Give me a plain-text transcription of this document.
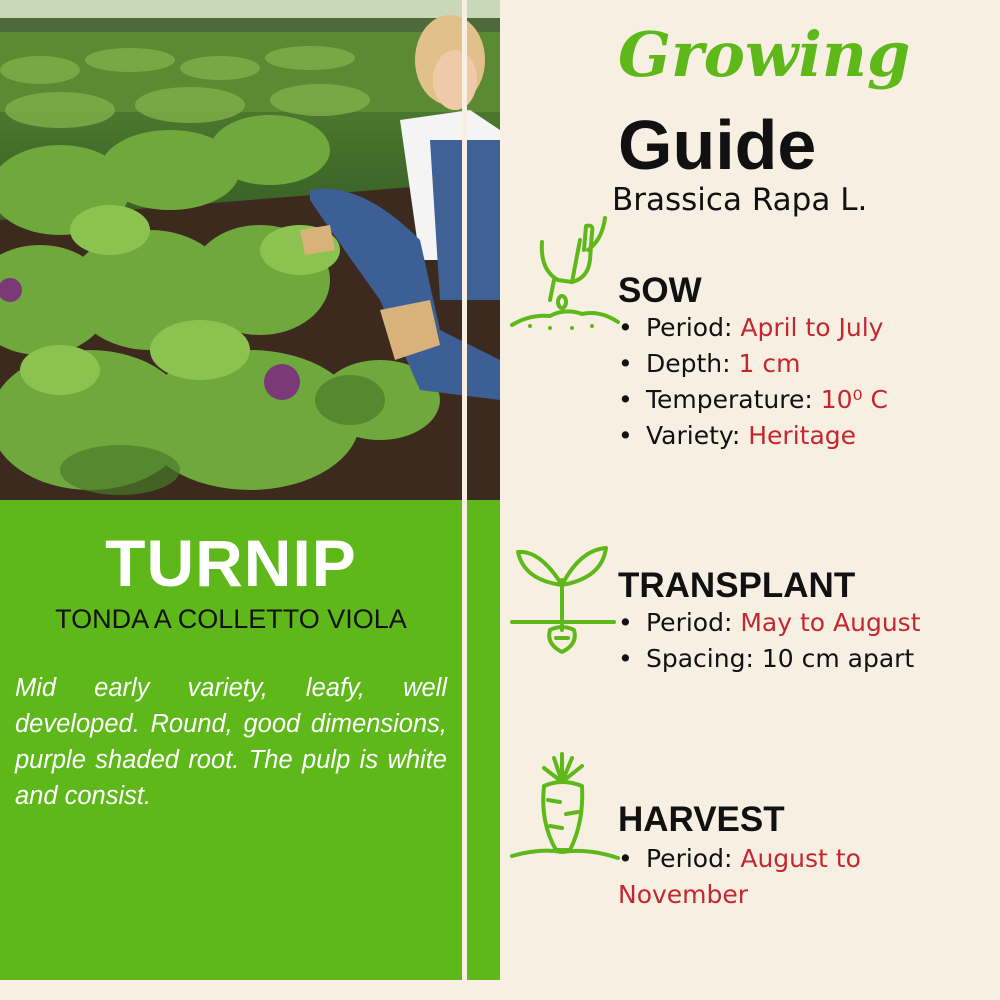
TURNIP
TONDA A COLLETTO VIOLA

Mid early variety, leafy, well developed. Round, good dimensions, purple shaded root. The pulp is white and consist.

Growing
Guide
Brassica Rapa L.
SOW
• Period: April to July
• Depth: 1 cm
• Temperature: 10⁰ C
• Variety: Heritage
TRANSPLANT
• Period: May to August
• Spacing: 10 cm apart
HARVEST
• Period: August to
November
